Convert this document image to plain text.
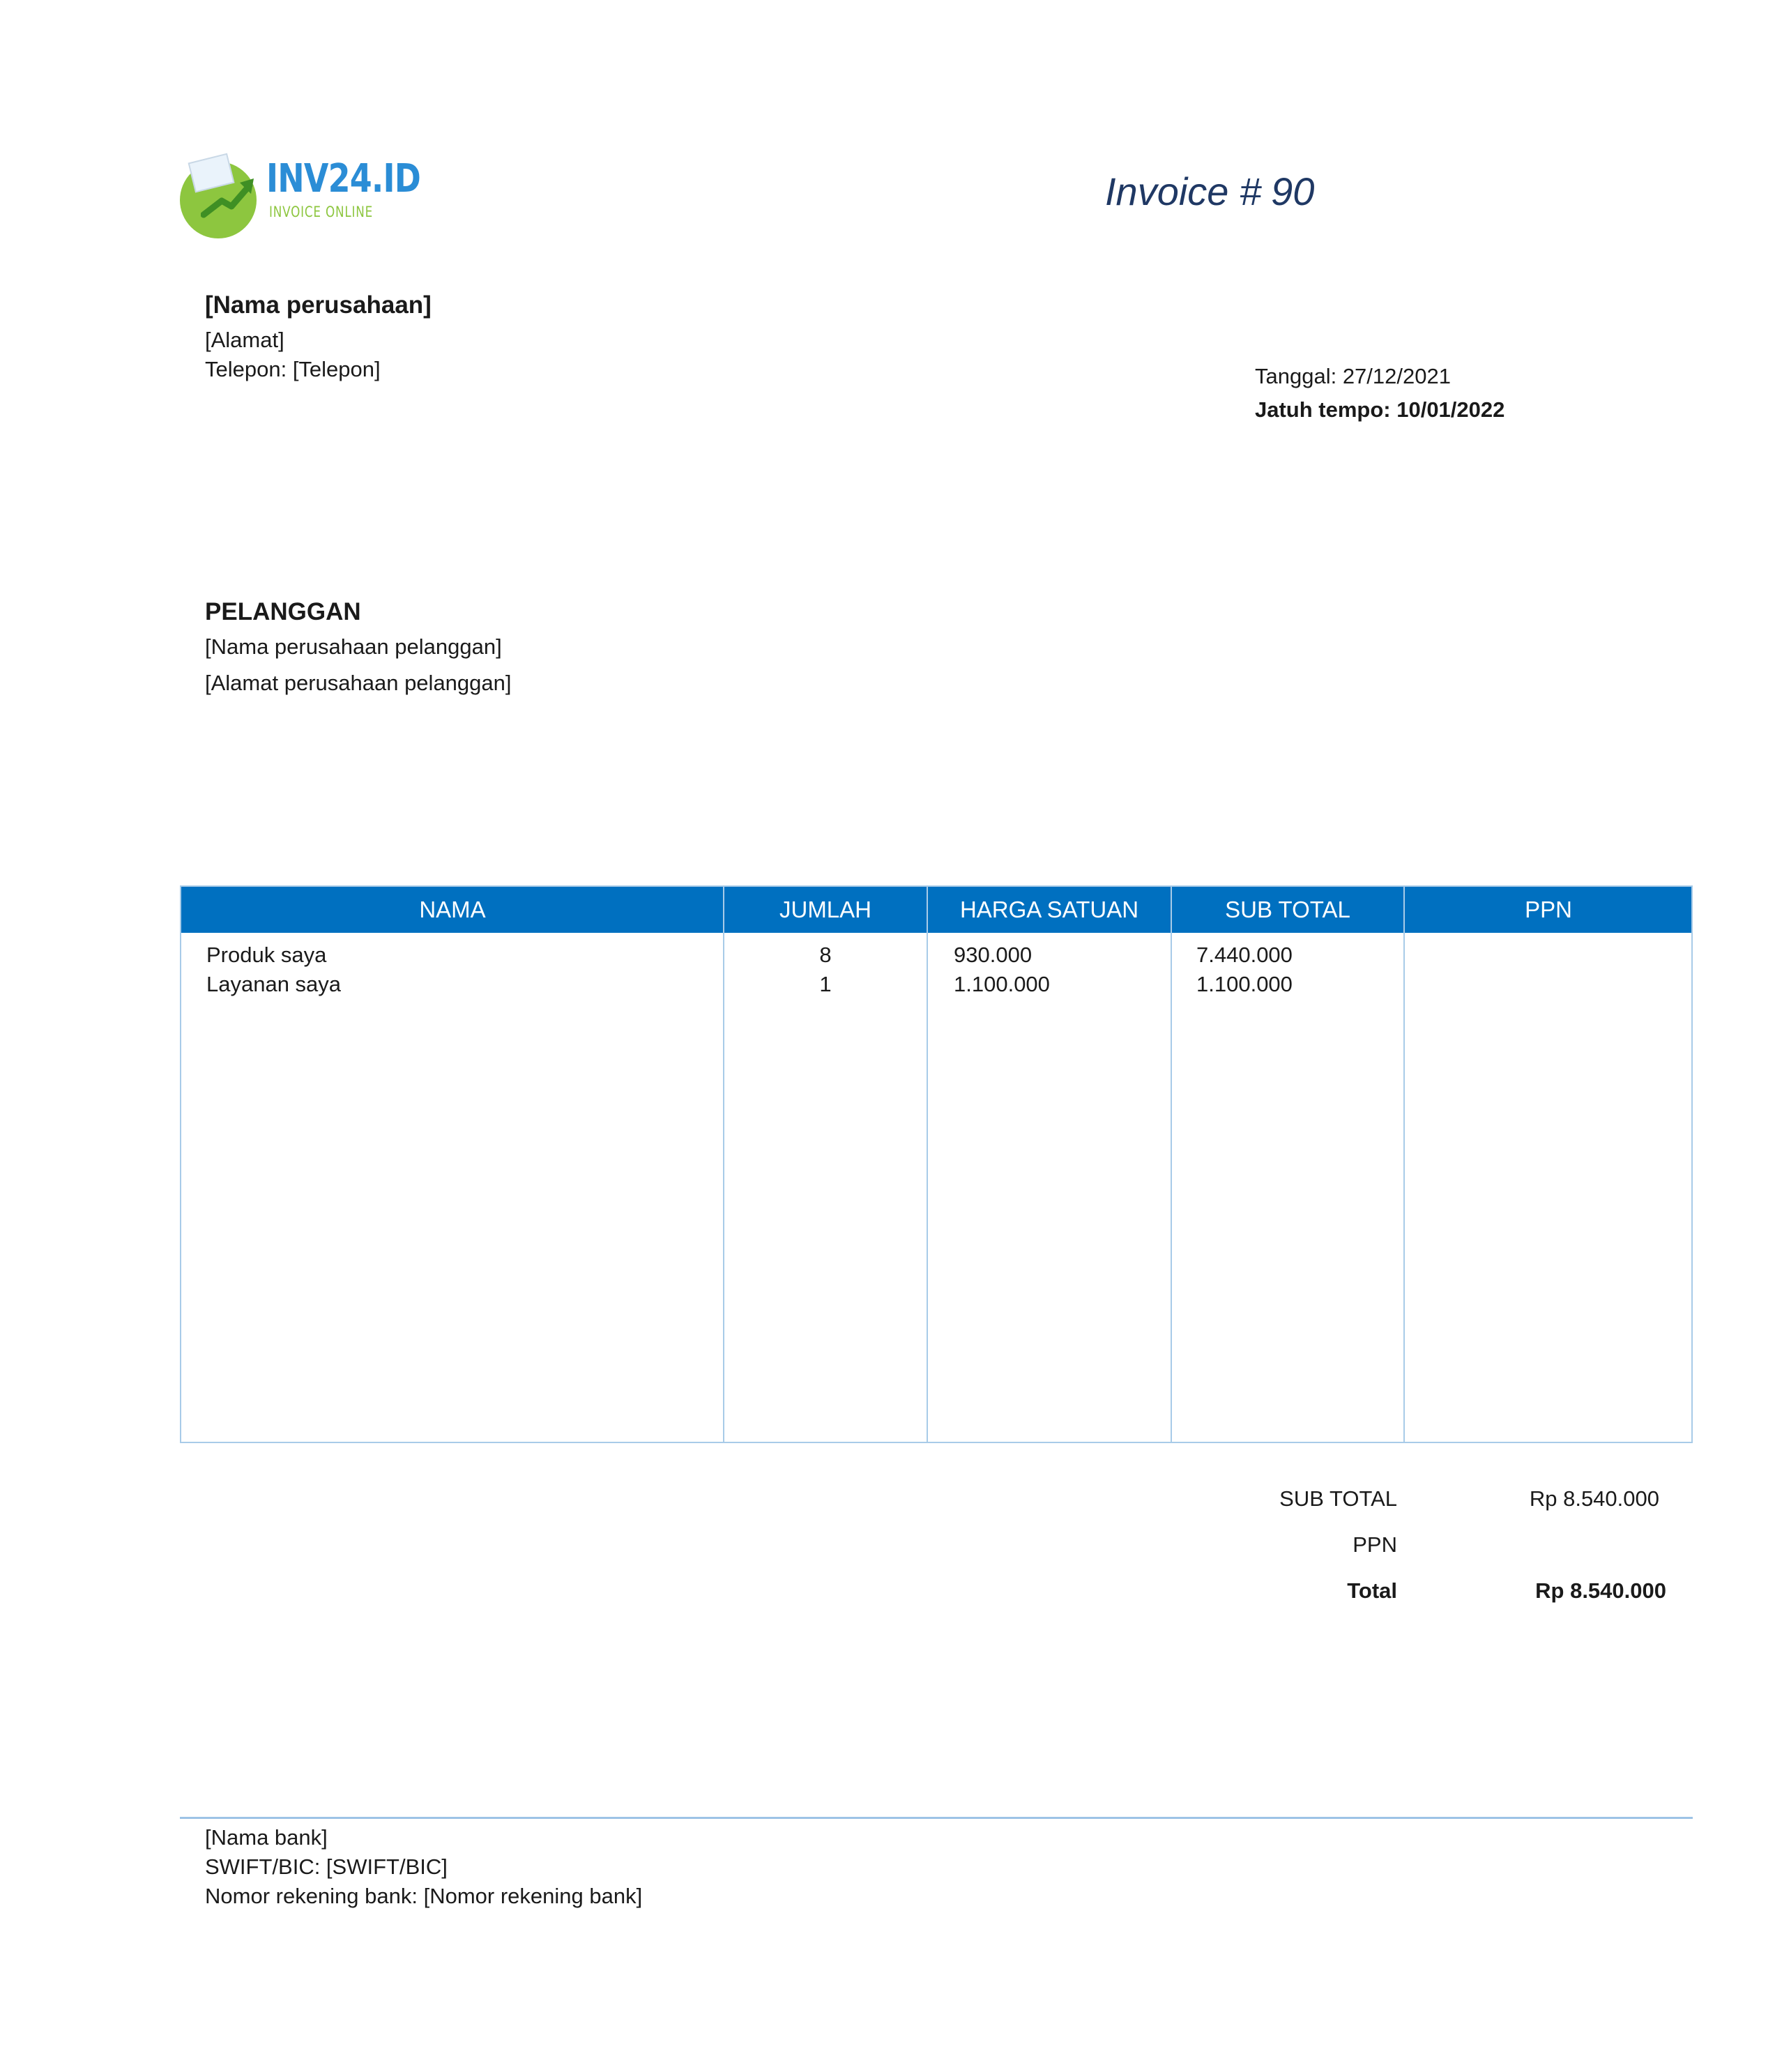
INV24.ID
INVOICE ONLINE	Invoice # 90
[Nama perusahaan]
[Alamat]
Telepon: [Telepon]	Tanggal: 27/12/2021
Jatuh tempo: 10/01/2022
PELANGGAN
[Nama perusahaan pelanggan]
[Alamat perusahaan pelanggan]
NAMA	JUMLAH	HARGA SATUAN	SUB TOTAL	PPN
Produk saya	8	930.000	7.440.000
Layanan saya	1	1.100.000	1.100.000
SUB TOTAL	Rp 8.540.000
PPN
Total	Rp 8.540.000
[Nama bank]
SWIFT/BIC: [SWIFT/BIC]
Nomor rekening bank: [Nomor rekening bank]
